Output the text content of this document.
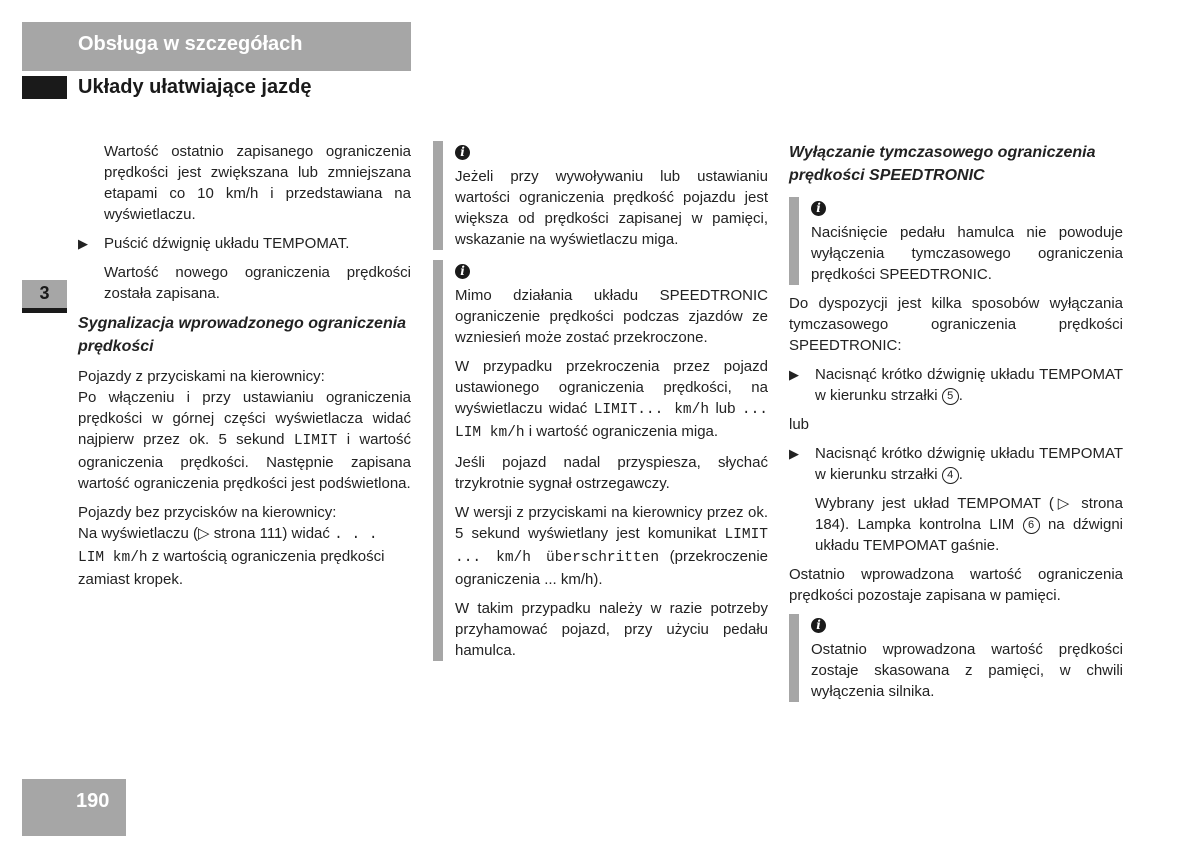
Obsługa w szczegółach
Układy ułatwiające jazdę
3

Wartość ostatnio zapisanego ograniczenia prędkości jest zwiększana lub zmniejszana etapami co 10 km/h i przedstawiana na wyświetlaczu.

▶ Puścić dźwignię układu TEMPOMAT.

Wartość nowego ograniczenia prędkości została zapisana.

Sygnalizacja wprowadzonego ograniczenia prędkości

Pojazdy z przyciskami na kierownicy:
Po włączeniu i przy ustawianiu ograniczenia prędkości w górnej części wyświetlacza widać najpierw przez ok. 5 sekund LIMIT i wartość ograniczenia prędkości. Następnie zapisana wartość ograniczenia prędkości jest podświetlona.

Pojazdy bez przycisków na kierownicy:
Na wyświetlaczu (▷ strona 111) widać . . . LIM km/h z wartością ograniczenia prędkości zamiast kropek.

i

Jeżeli przy wywoływaniu lub ustawianiu wartości ograniczenia prędkość pojazdu jest większa od prędkości zapisanej w pamięci, wskazanie na wyświetlaczu miga.

i

Mimo działania układu SPEEDTRONIC ograniczenie prędkości podczas zjazdów ze wzniesień może zostać przekroczone.

W przypadku przekroczenia przez pojazd ustawionego ograniczenia prędkości, na wyświetlaczu widać LIMIT... km/h lub ... LIM km/h i wartość ograniczenia miga.

Jeśli pojazd nadal przyspiesza, słychać trzykrotnie sygnał ostrzegawczy.

W wersji z przyciskami na kierownicy przez ok. 5 sekund wyświetlany jest komunikat LIMIT ... km/h überschritten (przekroczenie ograniczenia ... km/h).

W takim przypadku należy w razie potrzeby przyhamować pojazd, przy użyciu pedału hamulca.

Wyłączanie tymczasowego ograniczenia prędkości SPEEDTRONIC
i

Naciśnięcie pedału hamulca nie powoduje wyłączenia tymczasowego ograniczenia prędkości SPEEDTRONIC.

Do dyspozycji jest kilka sposobów wyłączania tymczasowego ograniczenia prędkości SPEEDTRONIC:

▶ Nacisnąć krótko dźwignię układu TEMPOMAT w kierunku strzałki 5 .

lub

▶ Nacisnąć krótko dźwignię układu TEMPOMAT w kierunku strzałki 4 .

Wybrany jest układ TEMPOMAT (▷ strona 184). Lampka kontrolna LIM 6 na dźwigni układu TEMPOMAT gaśnie.

Ostatnio wprowadzona wartość ograniczenia prędkości pozostaje zapisana w pamięci.

i

Ostatnio wprowadzona wartość prędkości zostaje skasowana z pamięci, w chwili wyłączenia silnika.

190
